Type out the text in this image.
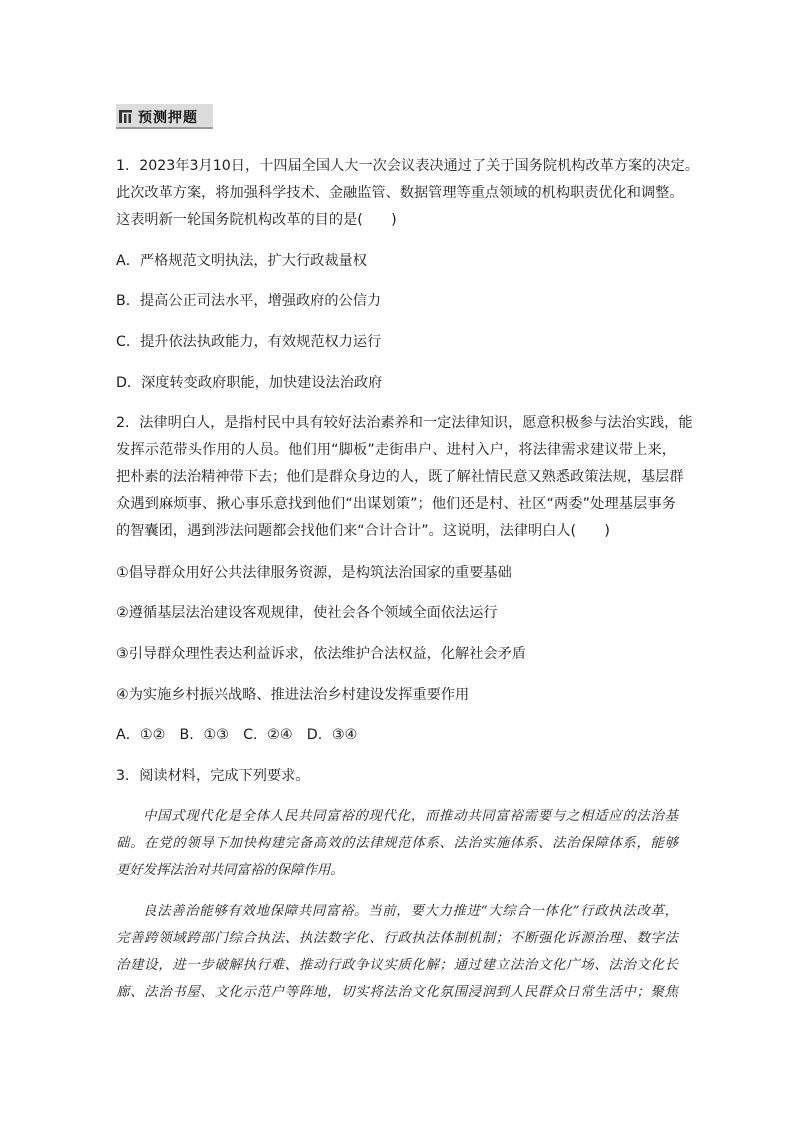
预测押题
1．2023年3月10日，十四届全国人大一次会议表决通过了关于国务院机构改革方案的决定。
此次改革方案，将加强科学技术、金融监管、数据管理等重点领域的机构职责优化和调整。
这表明新一轮国务院机构改革的目的是(　　)
A．严格规范文明执法，扩大行政裁量权
B．提高公正司法水平，增强政府的公信力
C．提升依法执政能力，有效规范权力运行
D．深度转变政府职能，加快建设法治政府
2．法律明白人，是指村民中具有较好法治素养和一定法律知识，愿意积极参与法治实践，能
发挥示范带头作用的人员。他们用“脚板”走街串户、进村入户，将法律需求建议带上来，
把朴素的法治精神带下去；他们是群众身边的人，既了解社情民意又熟悉政策法规，基层群
众遇到麻烦事、揪心事乐意找到他们“出谋划策”；他们还是村、社区“两委”处理基层事务
的智囊团，遇到涉法问题都会找他们来“合计合计”。这说明，法律明白人(　　)
①倡导群众用好公共法律服务资源，是构筑法治国家的重要基础
②遵循基层法治建设客观规律，使社会各个领域全面依法运行
③引导群众理性表达利益诉求，依法维护合法权益，化解社会矛盾
④为实施乡村振兴战略、推进法治乡村建设发挥重要作用
A．①②　B．①③　C．②④　D．③④
3．阅读材料，完成下列要求。
中国式现代化是全体人民共同富裕的现代化，而推动共同富裕需要与之相适应的法治基
础。在党的领导下加快构建完备高效的法律规范体系、法治实施体系、法治保障体系，能够
更好发挥法治对共同富裕的保障作用。
良法善治能够有效地保障共同富裕。当前，要大力推进“大综合一体化”行政执法改革，
完善跨领域跨部门综合执法、执法数字化、行政执法体制机制；不断强化诉源治理、数字法
治建设，进一步破解执行难、推动行政争议实质化解；通过建立法治文化广场、法治文化长
廊、法治书屋、文化示范户等阵地，切实将法治文化氛围浸润到人民群众日常生活中；聚焦
